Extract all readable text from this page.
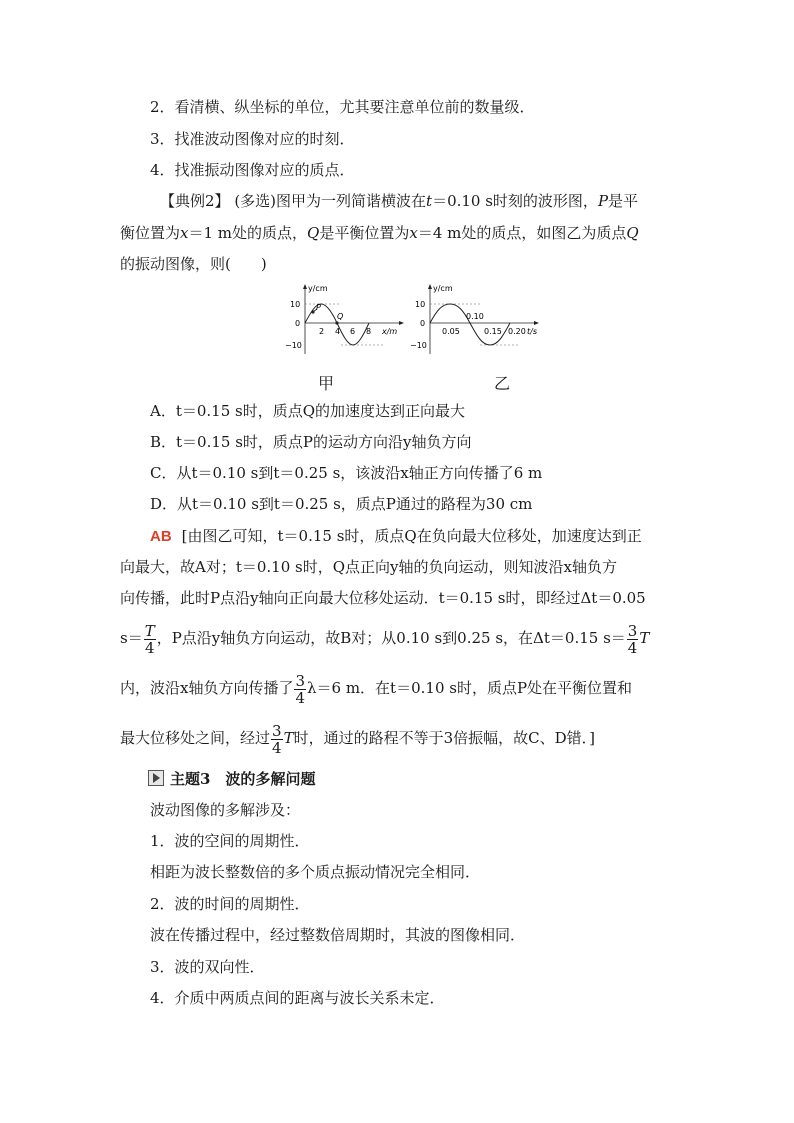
2．看清横、纵坐标的单位，尤其要注意单位前的数量级．
3．找准波动图像对应的时刻．
4．找准振动图像对应的质点．
【典例2】 (多选)图甲为一列简谐横波在t＝0.10 s时刻的波形图，P是平
衡位置为x＝1 m处的质点，Q是平衡位置为x＝4 m处的质点，如图乙为质点Q
的振动图像，则(　　)
P
Q
y/cm
10
0
−10
2 4 6 8 x/m
甲
y/cm
10
0
−10
0.05
0.10
0.15 0.20 t/s
乙
A．t＝0.15 s时，质点Q的加速度达到正向最大
B．t＝0.15 s时，质点P的运动方向沿y轴负方向
C．从t＝0.10 s到t＝0.25 s，该波沿x轴正方向传播了6 m
D．从t＝0.10 s到t＝0.25 s，质点P通过的路程为30 cm
AB [由图乙可知，t＝0.15 s时，质点Q在负向最大位移处，加速度达到正
向最大，故A对；t＝0.10 s时，Q点正向y轴的负向运动，则知波沿x轴负方
向传播，此时P点沿y轴向正向最大位移处运动．t＝0.15 s时，即经过Δt＝0.05
$s= \frac{T}{4}$ ，P点沿y轴负方向运动，故B对；从0.10 s到0.25 s，在Δt＝0.15 $s= \frac{3}{4}$ T
内，波沿x轴负方向传播了 $\frac{3}{4} \lambda=6$ m．在t＝0.10 s时，质点P处在平衡位置和
最大位移处之间，经过 $\frac{3}{4}$ T时，通过的路程不等于3倍振幅，故C、D错．]
主题3　波的多解问题
波动图像的多解涉及：
1．波的空间的周期性．
相距为波长整数倍的多个质点振动情况完全相同．
2．波的时间的周期性．
波在传播过程中，经过整数倍周期时，其波的图像相同．
3．波的双向性．
4．介质中两质点间的距离与波长关系未定．
